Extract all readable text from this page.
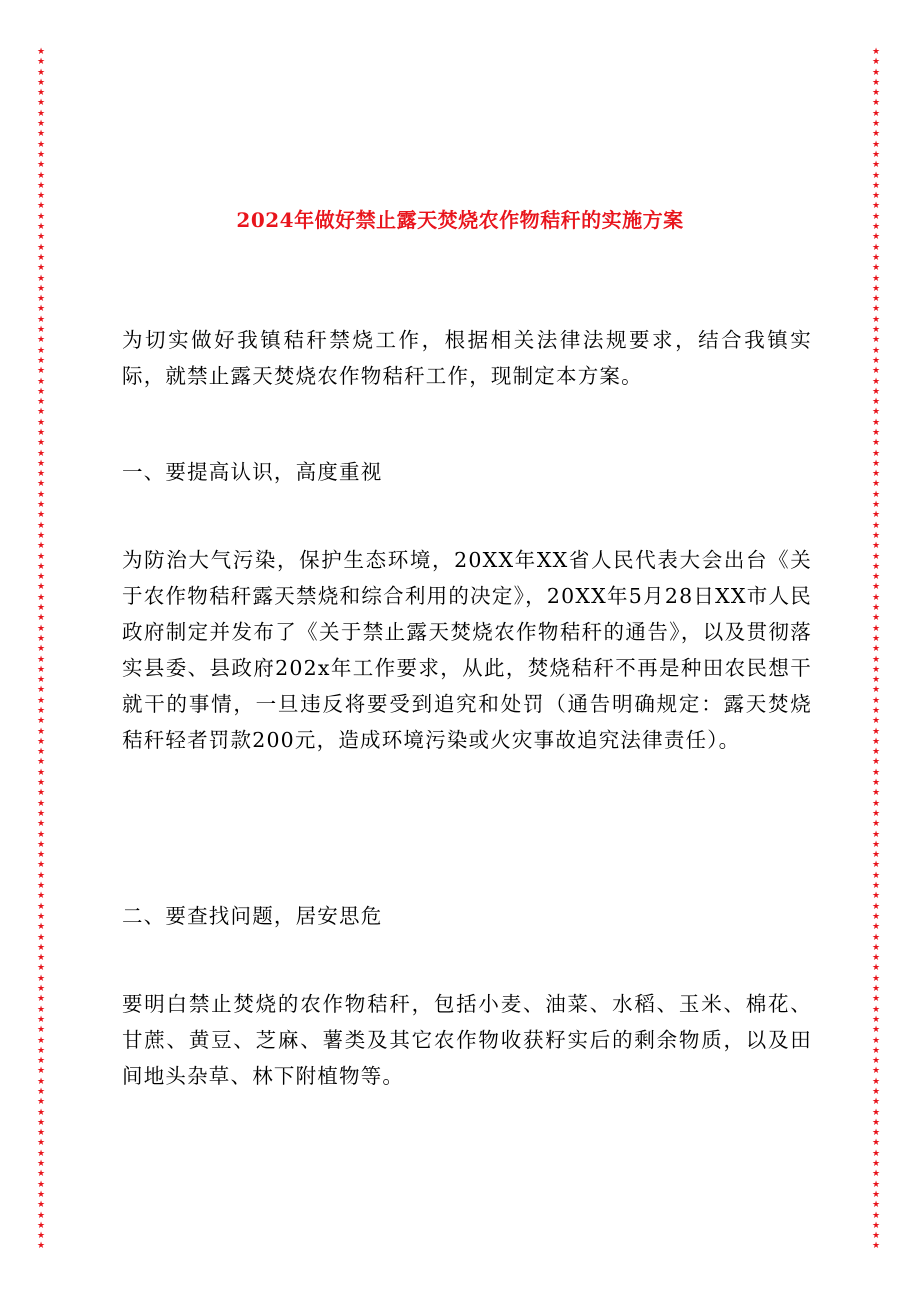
★
★
★
★
★
★
★
★
★
★
★
★
★
★
★
★
★
★
★
★
★
★
★
★
★
★
★
★
★
★
★
★
★
★
★
★
★
★
★
★
★
★
★
★
★
★
★
★
★
★
★
★
★
★
★
★
★
★
★
★
★
★
★
★
★
★
★
★
★
★
★
★
★
★
★
★
★
★
★
★
★
★
★
★
★
★
★
★
★
★
★
★
★
★
★
★
★
★
★
★
★
★
★
★
★
★
★
★
★
★
★
★
★
★
★
★
★
★
★
★
★
★
★
★
★
★
★
★
★
★
★
★
★
★
★
★
★
★
★
★
★
★
★
★
★
★
★
★
★
★
★
★
★
★
★
★
★
★
★
★
★
★
★
★
★
★
★
★
★
★
★
★
★
★
★
★
★
★
★
★
★
★
★
★
★
★
★
★
★
★
★
★
★
★
★
★
★
★
★
★
★
★
★
★
★
★
★
★
★
★
★
★
★
★
★
★
★
★
★
★
★
★
★
★
★
★
★
★
★
★
★
★
★
★
2024年做好禁止露天焚烧农作物秸秆的实施方案

为切实做好我镇秸秆禁烧工作，根据相关法律法规要求，结合我镇实际，就禁止露天焚烧农作物秸秆工作，现制定本方案。

一、要提高认识，高度重视

为防治大气污染，保护生态环境，20XX年XX省人民代表大会出台《关于农作物秸秆露天禁烧和综合利用的决定》，20XX年5月28日XX市人民政府制定并发布了《关于禁止露天焚烧农作物秸秆的通告》，以及贯彻落实县委、县政府202x年工作要求，从此，焚烧秸秆不再是种田农民想干就干的事情，一旦违反将要受到追究和处罚（通告明确规定：露天焚烧秸秆轻者罚款200元，造成环境污染或火灾事故追究法律责任）。

二、要查找问题，居安思危

要明白禁止焚烧的农作物秸秆，包括小麦、油菜、水稻、玉米、棉花、甘蔗、黄豆、芝麻、薯类及其它农作物收获籽实后的剩余物质，以及田间地头杂草、林下附植物等。
